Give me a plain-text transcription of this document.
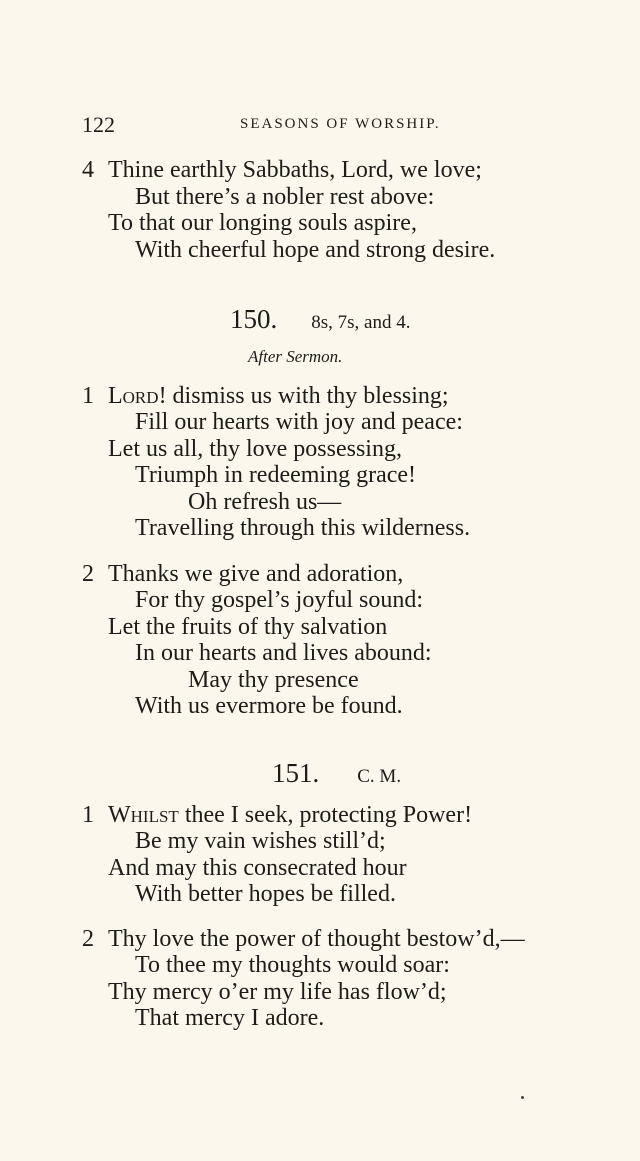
122	SEASONS OF WORSHIP.
4 Thine earthly Sabbaths, Lord, we love;
But there’s a nobler rest above:
To that our longing souls aspire,
With cheerful hope and strong desire.
150. 8s, 7s, and 4.
After Sermon.
1 Lord! dismiss us with thy blessing;
Fill our hearts with joy and peace:
Let us all, thy love possessing,
Triumph in redeeming grace!
Oh refresh us—
Travelling through this wilderness.
2 Thanks we give and adoration,
For thy gospel’s joyful sound:
Let the fruits of thy salvation
In our hearts and lives abound:
May thy presence
With us evermore be found.
151. C. M.
1 Whilst thee I seek, protecting Power!
Be my vain wishes still’d;
And may this consecrated hour
With better hopes be filled.
2 Thy love the power of thought bestow’d,—
To thee my thoughts would soar:
Thy mercy o’er my life has flow’d;
That mercy I adore.
